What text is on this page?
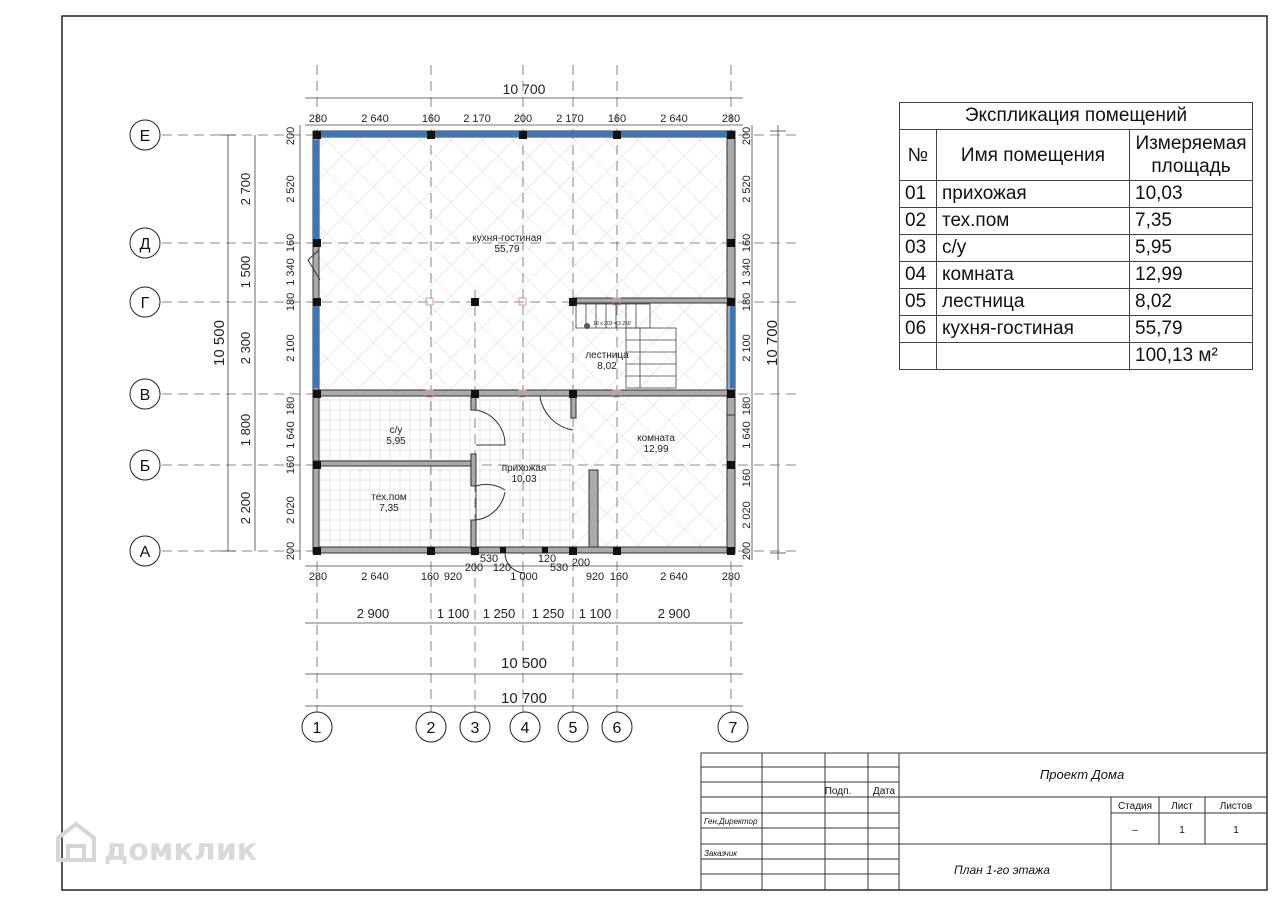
кухня-гостиная
55,79
лестница
8,02
с/у
5,95	комната
12,99
прихожая
10,03
тех.пом
7,35
16 х 203 = 3 250
10 700
280	2 640	160 2 170 200 2 170 160	2 640	280
280	2 640	160 920
200
530
120
1 000
120
530 200
920 160	2 640	280
2 900	1 100 1 250 1 250 1 100	2 900
10 500
10 700
10 500
2 700
1 500
2 300
1 800
2 200
200
2 520
160
1 340
180
2 100
180
1 640
160
2 020
200
10 700
200
2 520
160
1 340
180
2 100
180
1 640
160
2 020
200
Е
Д
Г
В
Б
А
1	2 3	4 5 6	7
Проект Дома
Подп. Дата
Стадия Лист	Листов
–	1	1
Ген.Директор
Заказчик
План 1-го этажа
домклик
Экспликация помещений		
№	Имя помещения	Измеряемая площадь
01	прихожая	10,03
02	тех.пом	7,35
03	с/у	5,95
04	комната	12,99
05	лестница	8,02
06	кухня-гостиная	55,79
		100,13 м²
